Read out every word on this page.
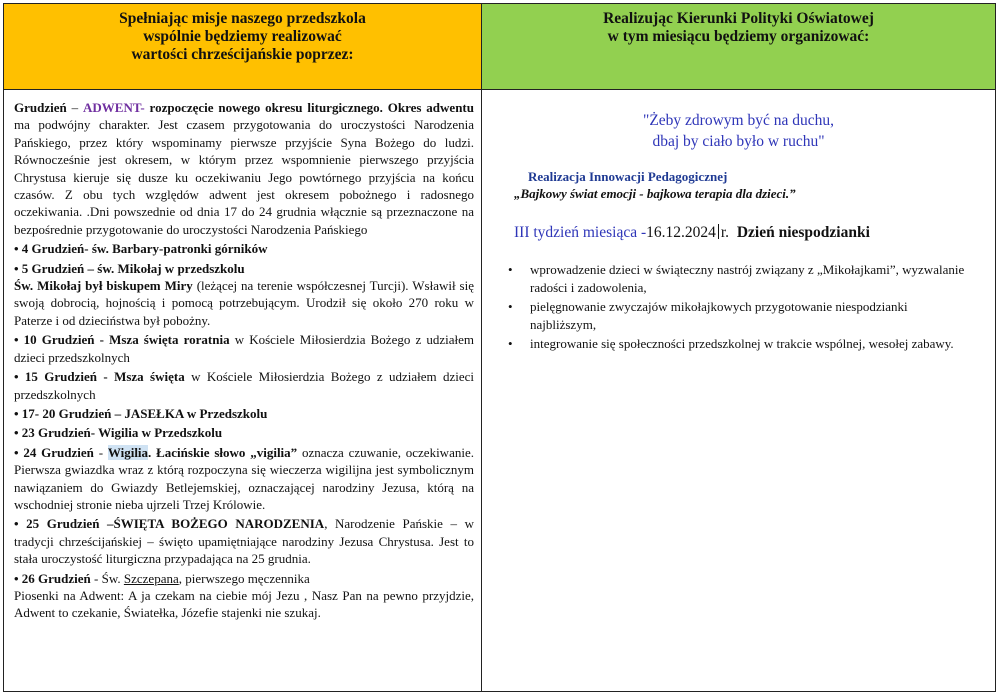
Spełniając misje naszego przedszkola
wspólnie będziemy realizować
wartości chrześcijańskie poprzez:
Realizując Kierunki Polityki Oświatowej
w tym miesiącu będziemy organizować:

Grudzień – ADWENT- rozpoczęcie nowego okresu liturgicznego. Okres adwentu ma podwójny charakter. Jest czasem przygotowania do uroczystości Narodzenia Pańskiego, przez który wspominamy pierwsze przyjście Syna Bożego do ludzi. Równocześnie jest okresem, w którym przez wspomnienie pierwszego przyjścia Chrystusa kieruje się dusze ku oczekiwaniu Jego powtórnego przyjścia na końcu czasów. Z obu tych względów adwent jest okresem pobożnego i radosnego oczekiwania. .Dni powszednie od dnia 17 do 24 grudnia włącznie są przeznaczone na bezpośrednie przygotowanie do uroczystości Narodzenia Pańskiego

• 4 Grudzień- św. Barbary-patronki górników

• 5 Grudzień – św. Mikołaj w przedszkolu

Św. Mikołaj był biskupem Miry (leżącej na terenie współczesnej Turcji). Wsławił się swoją dobrocią, hojnością i pomocą potrzebującym. Urodził się około 270 roku w Paterze i od dzieciństwa był pobożny.

• 10 Grudzień - Msza święta roratnia w Kościele Miłosierdzia Bożego z udziałem dzieci przedszkolnych

• 15 Grudzień - Msza święta w Kościele Miłosierdzia Bożego z udziałem dzieci przedszkolnych

• 17- 20 Grudzień – JASEŁKA w Przedszkolu

• 23 Grudzień- Wigilia w Przedszkolu

• 24 Grudzień - Wigilia. Łacińskie słowo „vigilia” oznacza czuwanie, oczekiwanie. Pierwsza gwiazdka wraz z którą rozpoczyna się wieczerza wigilijna jest symbolicznym nawiązaniem do Gwiazdy Betlejemskiej, oznaczającej narodziny Jezusa, którą na wschodniej stronie nieba ujrzeli Trzej Królowie.

• 25 Grudzień –ŚWIĘTA BOŻEGO NARODZENIA, Narodzenie Pańskie – w tradycji chrześcijańskiej – święto upamiętniające narodziny Jezusa Chrystusa. Jest to stała uroczystość liturgiczna przypadająca na 25 grudnia.

• 26 Grudzień - Św. Szczepana, pierwszego męczennika

Piosenki na Adwent: A ja czekam na ciebie mój Jezu , Nasz Pan na pewno przyjdzie, Adwent to czekanie, Światełka, Józefie stajenki nie szukaj.

"Żeby zdrowym być na duchu,
dbaj by ciało było w ruchu"
Realizacja Innowacji Pedagogicznej
„Bajkowy świat emocji - bajkowa terapia dla dzieci.”
III tydzień miesiąca -16.12.2024 r. Dzień niespodzianki
• wprowadzenie dzieci w świąteczny nastrój związany z „Mikołajkami”, wyzwalanie radości i zadowolenia,
• pielęgnowanie zwyczajów mikołajkowych przygotowanie niespodzianki najbliższym,
• integrowanie się społeczności przedszkolnej w trakcie wspólnej, wesołej zabawy.
